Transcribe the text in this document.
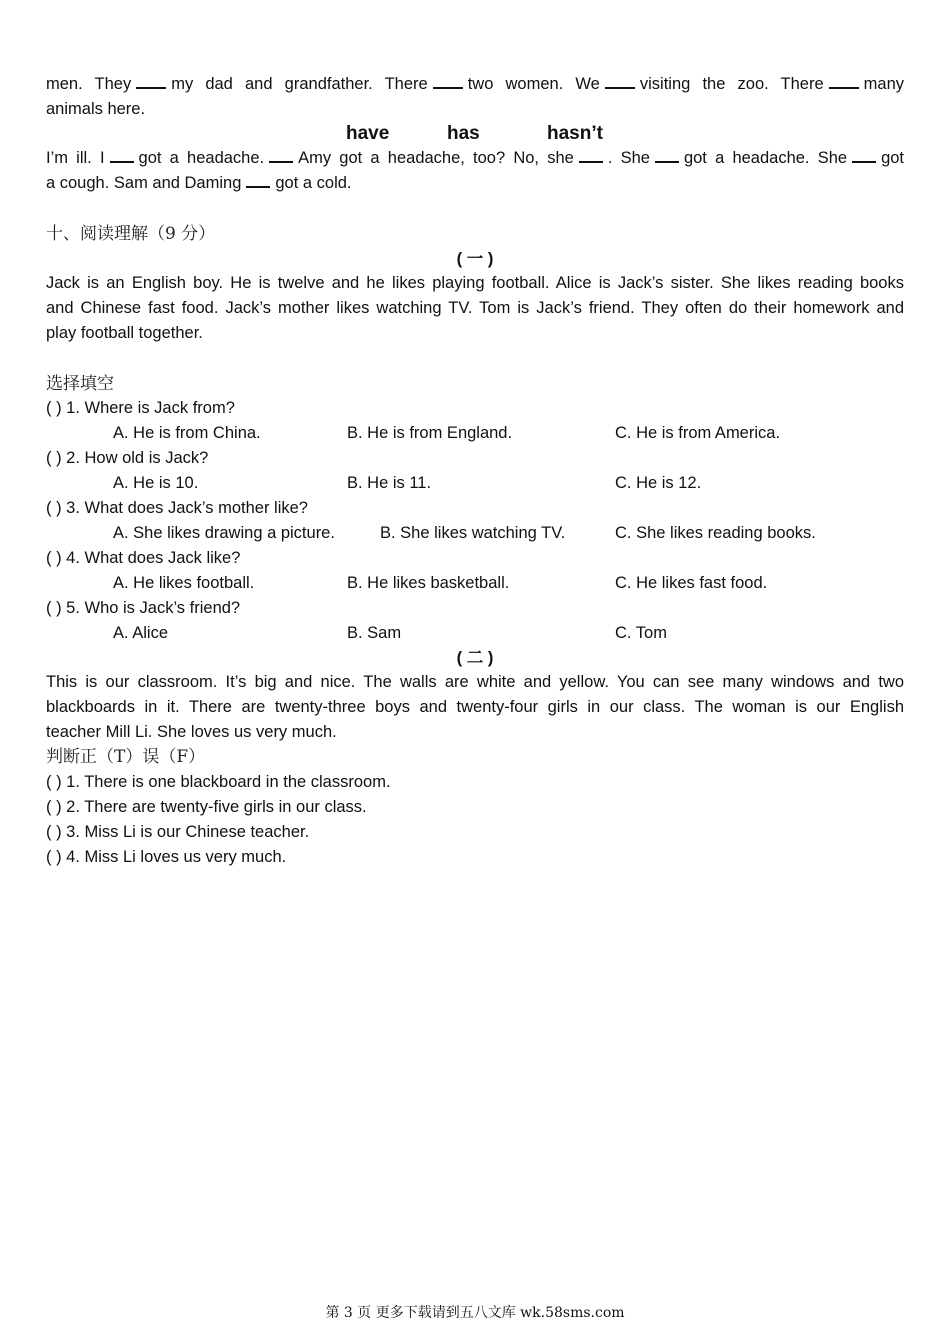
men. They my dad and grandfather. There two women. We visiting the zoo. There many
animals here.
have	has	hasn’t
I’m ill. I got a headache. Amy got a headache, too? No, she . She got a headache. She got
a cough. Sam and Daming got a cold.
十、阅读理解（9 分）
( 一 )
Jack is an English boy. He is twelve and he likes playing football. Alice is Jack’s sister. She likes reading books
and Chinese fast food. Jack’s mother likes watching TV. Tom is Jack’s friend. They often do their homework and
play football together.
选择填空
( ) 1. Where is Jack from?
A. He is from China.	B. He is from England.	C. He is from America.
( ) 2. How old is Jack?
A. He is 10.	B. He is 11.	C. He is 12.
( ) 3. What does Jack’s mother like?
A. She likes drawing a picture.	B. She likes watching TV.	C. She likes reading books.
( ) 4. What does Jack like?
A. He likes football.	B. He likes basketball.	C. He likes fast food.
( ) 5. Who is Jack’s friend?
A. Alice	B. Sam	C. Tom
( 二 )
This is our classroom. It’s big and nice. The walls are white and yellow. You can see many windows and two
blackboards in it. There are twenty-three boys and twenty-four girls in our class. The woman is our English
teacher Mill Li. She loves us very much.
判断正（T）误（F）
( ) 1. There is one blackboard in the classroom.
( ) 2. There are twenty-five girls in our class.
( ) 3. Miss Li is our Chinese teacher.
( ) 4. Miss Li loves us very much.
第 3 页 更多下载请到五八文库 wk.58sms.com
